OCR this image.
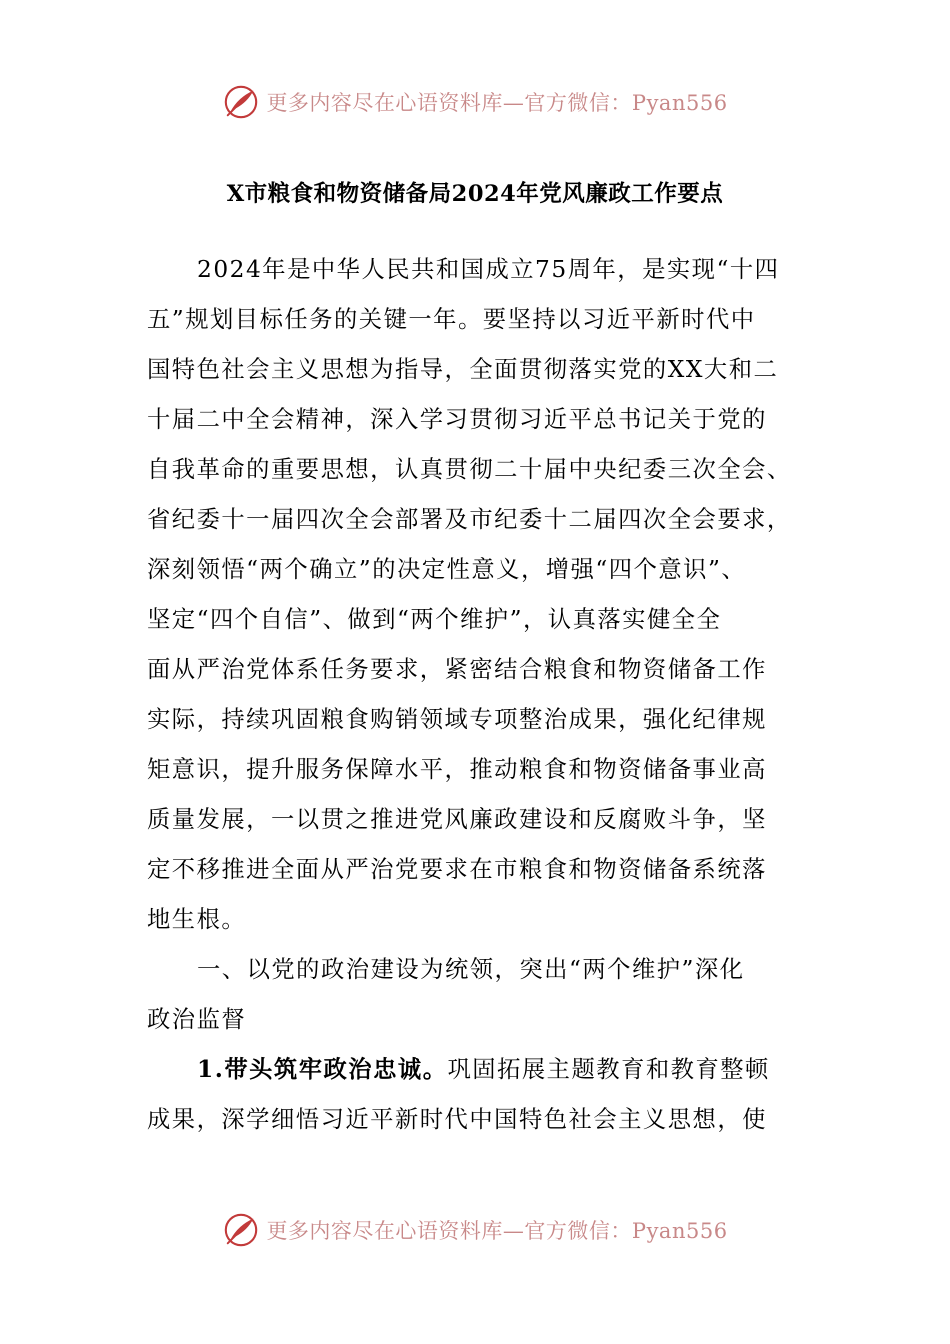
更多内容尽在心语资料库—官方微信：Pyan556
X市粮食和物资储备局2024年党风廉政工作要点
2024年是中华人民共和国成立75周年，是实现“十四
五”规划目标任务的关键一年。要坚持以习近平新时代中
国特色社会主义思想为指导，全面贯彻落实党的XX大和二
十届二中全会精神，深入学习贯彻习近平总书记关于党的
自我革命的重要思想，认真贯彻二十届中央纪委三次全会、
省纪委十一届四次全会部署及市纪委十二届四次全会要求，
深刻领悟“两个确立”的决定性意义，增强“四个意识”、
坚定“四个自信”、做到“两个维护”，认真落实健全全
面从严治党体系任务要求，紧密结合粮食和物资储备工作
实际，持续巩固粮食购销领域专项整治成果，强化纪律规
矩意识，提升服务保障水平，推动粮食和物资储备事业高
质量发展，一以贯之推进党风廉政建设和反腐败斗争，坚
定不移推进全面从严治党要求在市粮食和物资储备系统落
地生根。
一、以党的政治建设为统领，突出“两个维护”深化
政治监督
1.带头筑牢政治忠诚。巩固拓展主题教育和教育整顿
成果，深学细悟习近平新时代中国特色社会主义思想，使
更多内容尽在心语资料库—官方微信：Pyan556
